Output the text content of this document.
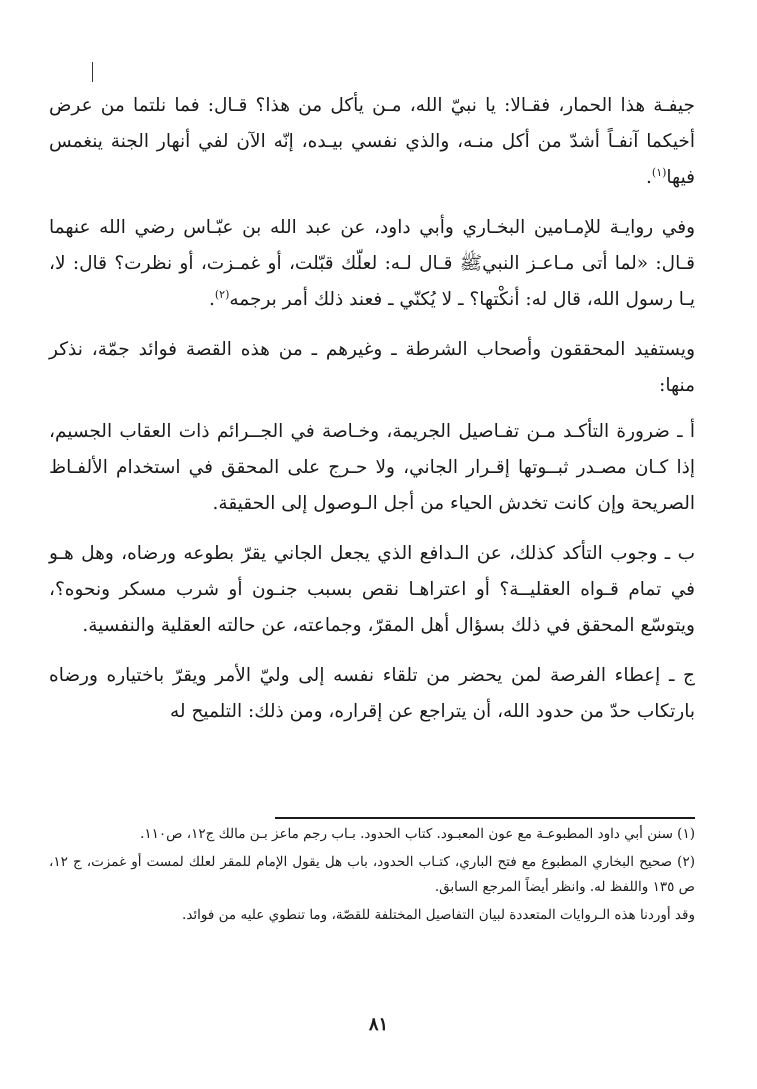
جيفـة هذا الحمار، فقـالا: يا نبيّ الله، مـن يأكل من هذا؟ قـال: فما نلتما من عرض أخيكما آنفـاً أشدّ من أكل منـه، والذي نفسي بيـده، إنّه الآن لفي أنهار الجنة ينغمس فيها$^{(١)}$.

وفي روايـة للإمـامين البخـاري وأبي داود، عن عبد الله بن عبّـاس رضي الله عنهما قـال: «لما أتى مـاعـز النبيﷺ قـال لـه: لعلّك قبّلت، أو غمـزت، أو نظرت؟ قال: لا، يـا رسول الله، قال له: أنكْتها؟ ـ لا يُكنّي ـ فعند ذلك أمر برجمه$^{(٢)}$.

ويستفيد المحققون وأصحاب الشرطة ـ وغيرهم ـ من هذه القصة فوائد جمّة، نذكر منها:

أ ـ ضرورة التأكـد مـن تفـاصيل الجريمة، وخـاصة في الجــرائم ذات العقاب الجسيم، إذا كـان مصـدر ثبــوتها إقـرار الجاني، ولا حـرج على المحقق في استخدام الألفـاظ الصريحة وإن كانت تخدش الحياء من أجل الـوصول إلى الحقيقة.

ب ـ وجوب التأكد كذلك، عن الـدافع الذي يجعل الجاني يقرّ بطوعه ورضاه، وهل هـو في تمام قـواه العقليــة؟ أو اعتراهـا نقص بسبب جنـون أو شرب مسكر ونحوه؟، ويتوسّع المحقق في ذلك بسؤال أهل المقرّ، وجماعته، عن حالته العقلية والنفسية.

ج ـ إعطاء الفرصة لمن يحضر من تلقاء نفسه إلى وليّ الأمر ويقرّ باختياره ورضاه بارتكاب حدّ من حدود الله، أن يتراجع عن إقراره، ومن ذلك: التلميح له

(١) سنن أبي داود المطبوعـة مع عون المعبـود. كتاب الحدود. بـاب رجم ماعز بـن مالك ج١٢، ص١١٠.

(٢) صحيح البخاري المطبوع مع فتح الباري، كتـاب الحدود، باب هل يقول الإمام للمقر لعلك لمست أو غمزت، ج ١٢، ص ١٣٥ واللفظ له. وانظر أيضاً المرجع السابق.

وقد أوردنا هذه الـروايات المتعددة لبيان التفاصيل المختلفة للقصّة، وما تنطوي عليه من فوائد.

٨١
